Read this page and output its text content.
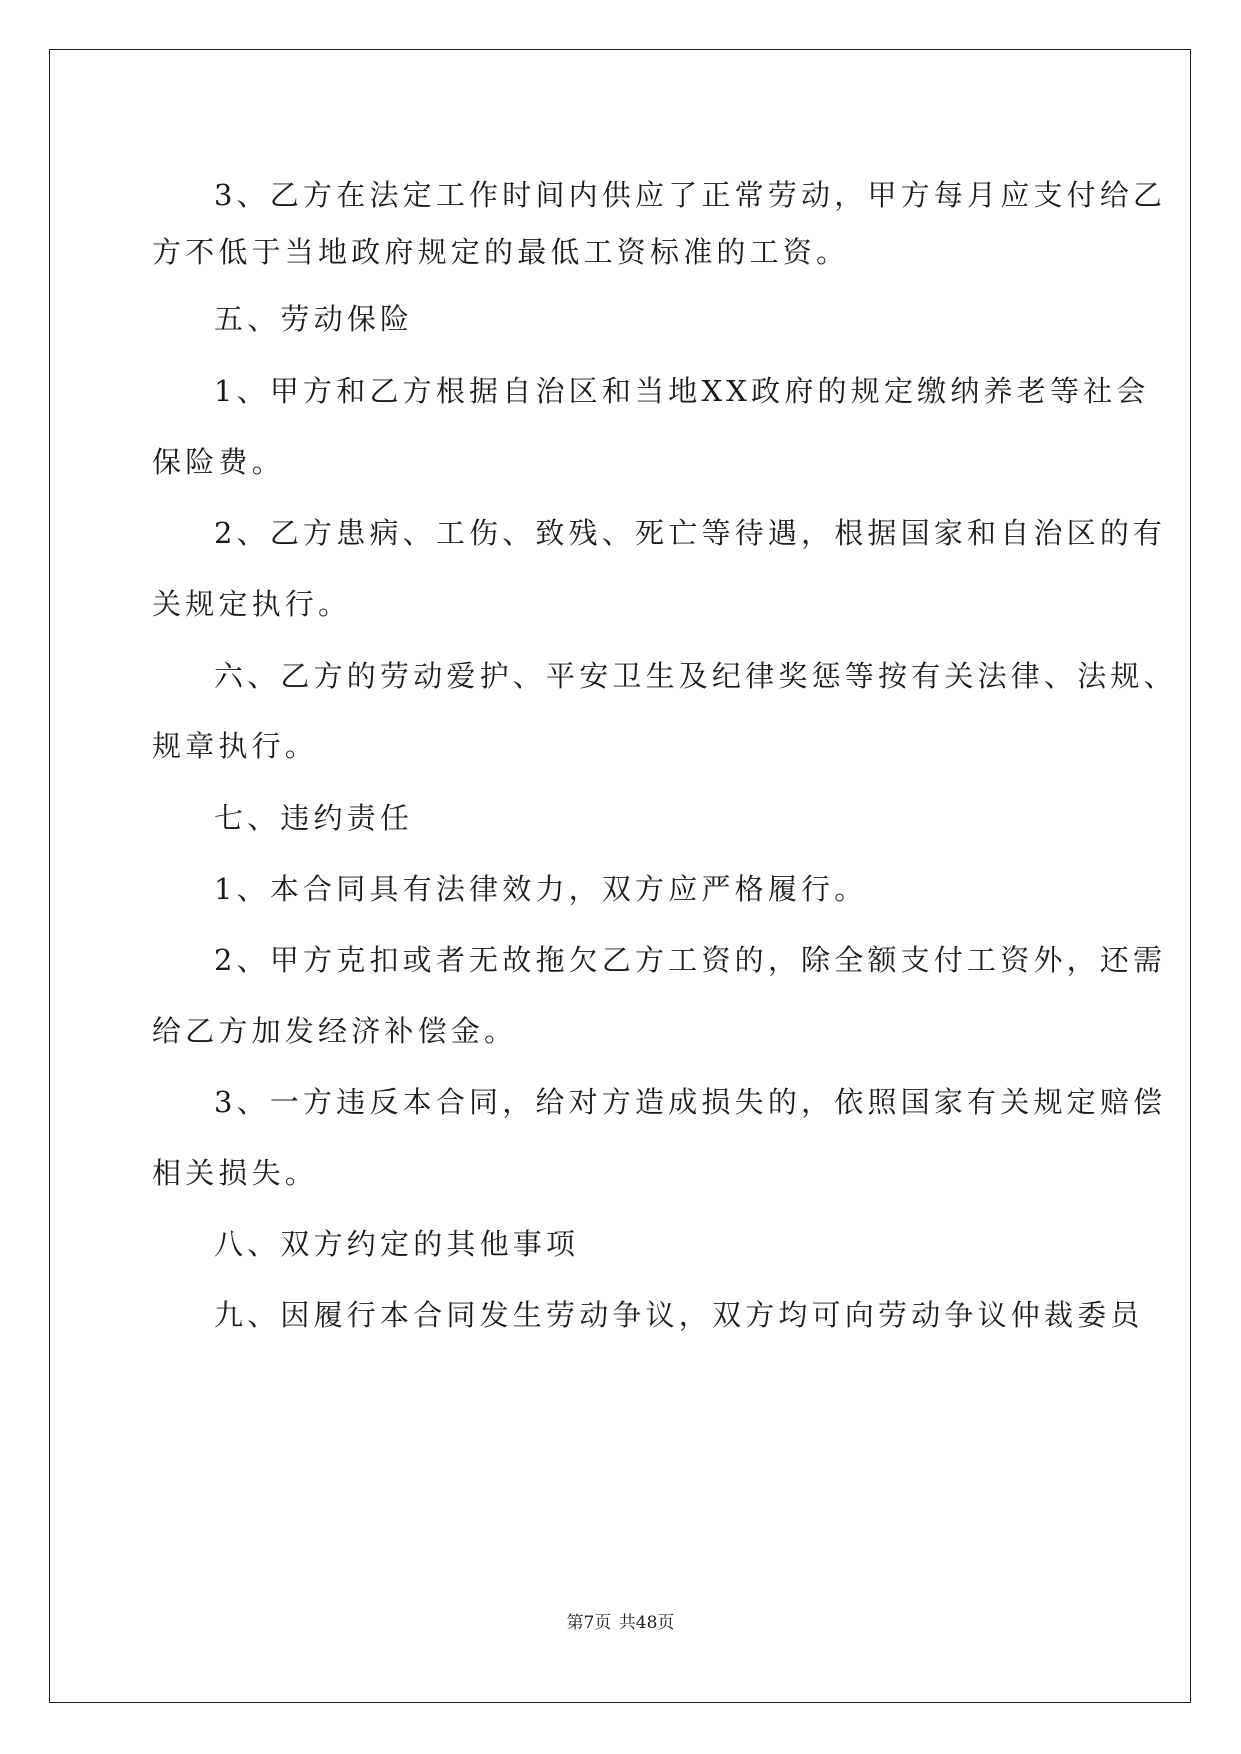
3、乙方在法定工作时间内供应了正常劳动，甲方每月应支付给乙
方不低于当地政府规定的最低工资标准的工资。
五、劳动保险
1、甲方和乙方根据自治区和当地XX政府的规定缴纳养老等社会
保险费。
2、乙方患病、工伤、致残、死亡等待遇，根据国家和自治区的有
关规定执行。
六、乙方的劳动爱护、平安卫生及纪律奖惩等按有关法律、法规、
规章执行。
七、违约责任
1、本合同具有法律效力，双方应严格履行。
2、甲方克扣或者无故拖欠乙方工资的，除全额支付工资外，还需
给乙方加发经济补偿金。
3、一方违反本合同，给对方造成损失的，依照国家有关规定赔偿
相关损失。
八、双方约定的其他事项
九、因履行本合同发生劳动争议，双方均可向劳动争议仲裁委员
第7页 共48页
